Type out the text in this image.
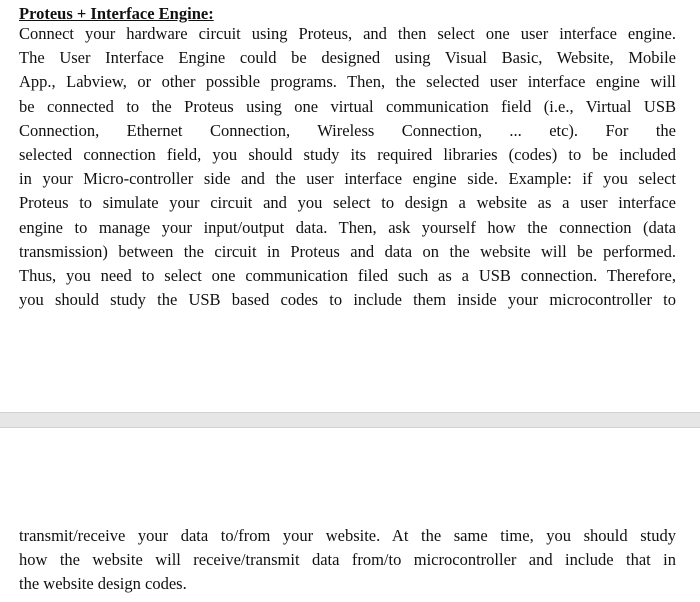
Proteus + Interface Engine:
Connect your hardware circuit using Proteus, and then select one user interface engine.
The User Interface Engine could be designed using Visual Basic, Website, Mobile
App., Labview, or other possible programs. Then, the selected user interface engine will
be connected to the Proteus using one virtual communication field (i.e., Virtual USB
Connection, Ethernet Connection, Wireless Connection, ... etc). For the
selected connection field, you should study its required libraries (codes) to be included
in your Micro-controller side and the user interface engine side. Example: if you select
Proteus to simulate your circuit and you select to design a website as a user interface
engine to manage your input/output data. Then, ask yourself how the connection (data
transmission) between the circuit in Proteus and data on the website will be performed.
Thus, you need to select one communication filed such as a USB connection. Therefore,
you should study the USB based codes to include them inside your microcontroller to
transmit/receive your data to/from your website. At the same time, you should study
how the website will receive/transmit data from/to microcontroller and include that in
the website design codes.
